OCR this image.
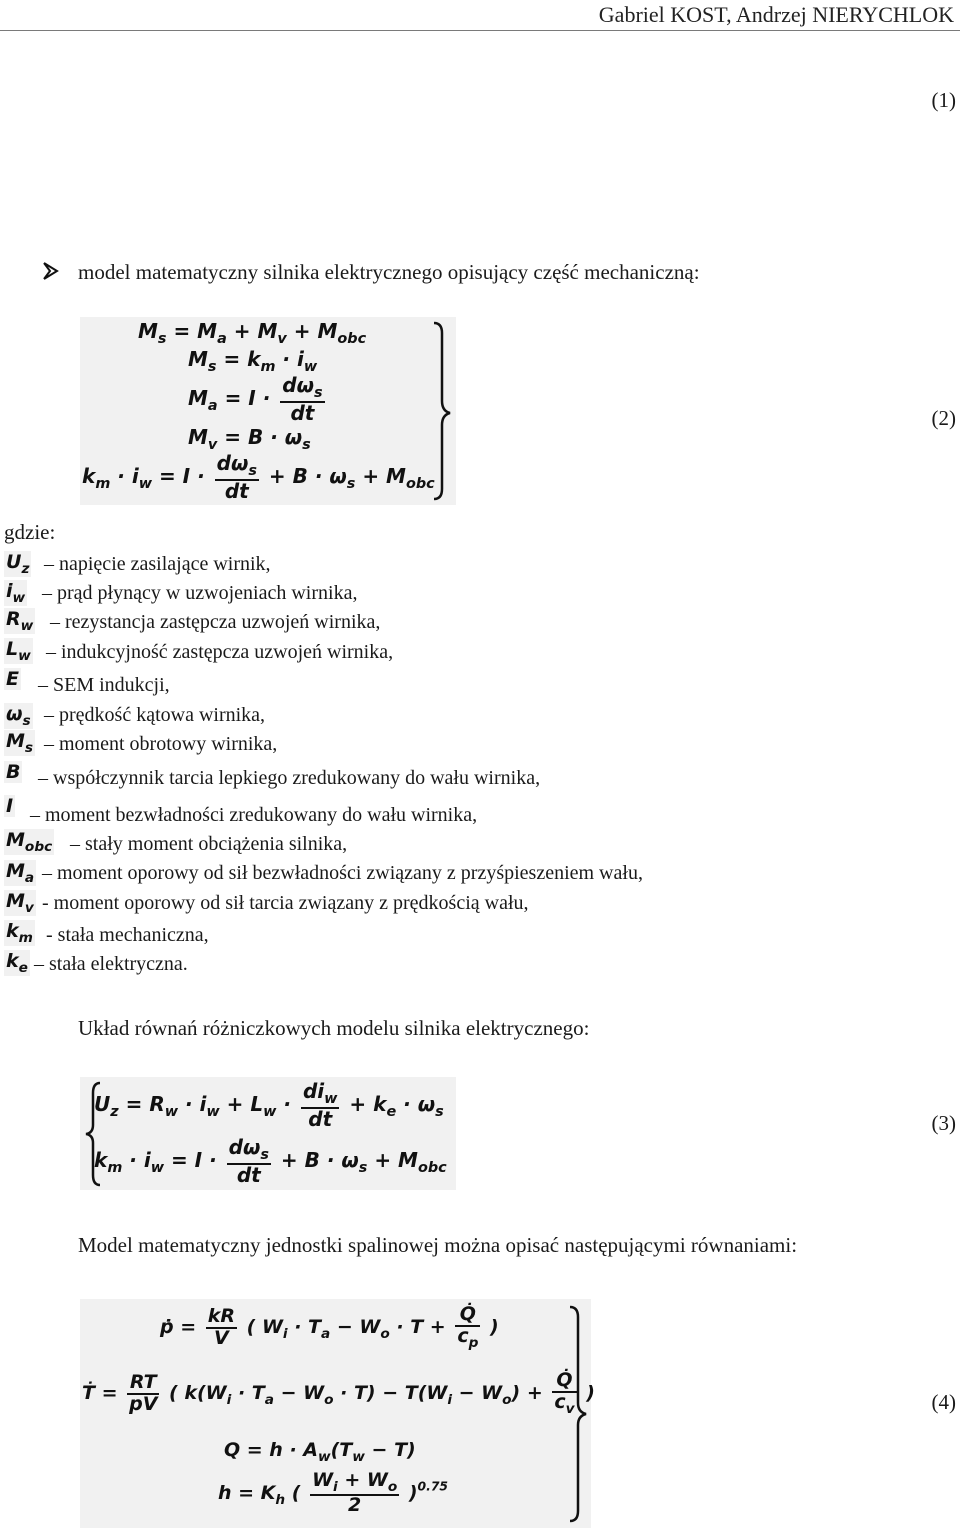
Gabriel KOST, Andrzej NIERYCHLOK
(1)
model matematyczny silnika elektrycznego opisujący część mechaniczną:
$M_s = M_a + M_v + M_{obc}$
$M_s = k_m \cdot i_w$
$M_a = I \cdot \frac{d\omega_s}{dt}$
$M_v = B \cdot \omega_s$
$k_m \cdot i_w = I \cdot \frac{d\omega_s}{dt} + B \cdot \omega_s + M_{obc}$
(2)
gdzie:
$U_z$ – napięcie zasilające wirnik,
$i_w$ – prąd płynący w uzwojeniach wirnika,
$R_w$ – rezystancja zastępcza uzwojeń wirnika,
$L_w$ – indukcyjność zastępcza uzwojeń wirnika,
E – SEM indukcji,
$\omega_s$ – prędkość kątowa wirnika,
$M_s$ – moment obrotowy wirnika,
B – współczynnik tarcia lepkiego zredukowany do wału wirnika,
I – moment bezwładności zredukowany do wału wirnika,
$M_{obc}$ – stały moment obciążenia silnika,
$M_a$ – moment oporowy od sił bezwładności związany z przyśpieszeniem wału,
$M_v$ - moment oporowy od sił tarcia związany z prędkością wału,
$k_m$ - stała mechaniczna,
$k_e$ – stała elektryczna.
Układ równań różniczkowych modelu silnika elektrycznego:
$U_z = R_w \cdot i_w + L_w \cdot \frac{di_w}{dt} + k_e \cdot \omega_s$
$k_m \cdot i_w = I \cdot \frac{d\omega_s}{dt} + B \cdot \omega_s + M_{obc}$
(3)
Model matematyczny jednostki spalinowej można opisać następującymi równaniami:
ṗ = $\frac{kR}{V}$ ( $W_i \cdot T_a - W_o \cdot T + \frac{Q̇}{c_p}$ )
Ṫ = $\frac{RT}{pV}$ ( $k(W_i \cdot T_a - W_o \cdot T) - T(W_i - W_o) + \frac{Q̇}{c_v}$ )
$Q = h \cdot A_w(T_w - T)$
$h = K_h$ ( $\frac{W_i + W_o}{2} )^{0.75}$
(4)
